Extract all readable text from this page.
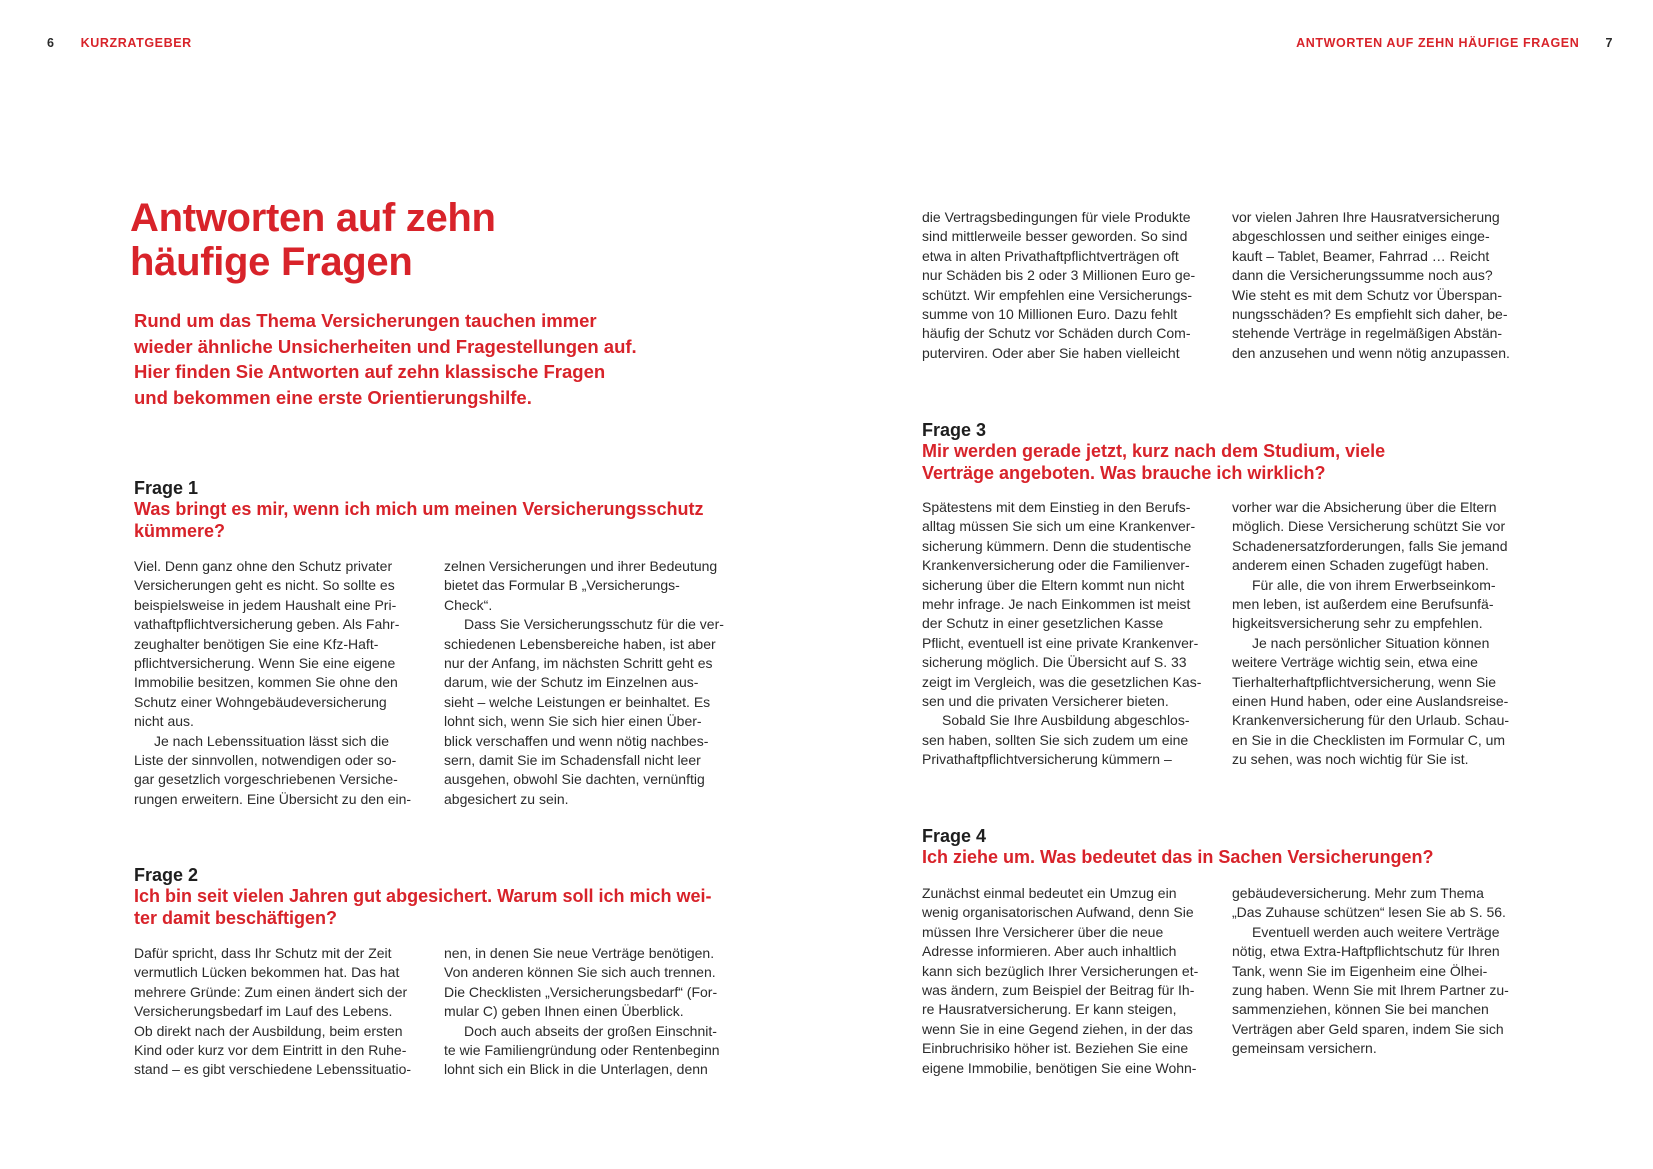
6 KURZRATGEBER	ANTWORTEN AUF ZEHN HÄUFIGE FRAGEN 7
Antworten auf zehn
häufige Fragen
Rund um das Thema Versicherungen tauchen immer
wieder ähnliche Unsicherheiten und Fragestellungen auf.
Hier finden Sie Antworten auf zehn klassische Fragen
und bekommen eine erste Orientierungshilfe.
Frage 1
Was bringt es mir, wenn ich mich um meinen Versicherungsschutz
kümmere?
Viel. Denn ganz ohne den Schutz privater
Versicherungen geht es nicht. So sollte es
beispielsweise in jedem Haushalt eine Pri-
vathaftpflichtversicherung geben. Als Fahr-
zeughalter benötigen Sie eine Kfz-Haft-
pflichtversicherung. Wenn Sie eine eigene
Immobilie besitzen, kommen Sie ohne den
Schutz einer Wohngebäudeversicherung
nicht aus.
Je nach Lebenssituation lässt sich die
Liste der sinnvollen, notwendigen oder so-
gar gesetzlich vorgeschriebenen Versiche-
rungen erweitern. Eine Übersicht zu den ein-
zelnen Versicherungen und ihrer Bedeutung
bietet das Formular B „Versicherungs-
Check“.
Dass Sie Versicherungsschutz für die ver-
schiedenen Lebensbereiche haben, ist aber
nur der Anfang, im nächsten Schritt geht es
darum, wie der Schutz im Einzelnen aus-
sieht – welche Leistungen er beinhaltet. Es
lohnt sich, wenn Sie sich hier einen Über-
blick verschaffen und wenn nötig nachbes-
sern, damit Sie im Schadensfall nicht leer
ausgehen, obwohl Sie dachten, vernünftig
abgesichert zu sein.
Frage 2
Ich bin seit vielen Jahren gut abgesichert. Warum soll ich mich wei-
ter damit beschäftigen?
Dafür spricht, dass Ihr Schutz mit der Zeit
vermutlich Lücken bekommen hat. Das hat
mehrere Gründe: Zum einen ändert sich der
Versicherungsbedarf im Lauf des Lebens.
Ob direkt nach der Ausbildung, beim ersten
Kind oder kurz vor dem Eintritt in den Ruhe-
stand – es gibt verschiedene Lebenssituatio-
nen, in denen Sie neue Verträge benötigen.
Von anderen können Sie sich auch trennen.
Die Checklisten „Versicherungsbedarf“ (For-
mular C) geben Ihnen einen Überblick.
Doch auch abseits der großen Einschnit-
te wie Familiengründung oder Rentenbeginn
lohnt sich ein Blick in die Unterlagen, denn
die Vertragsbedingungen für viele Produkte
sind mittlerweile besser geworden. So sind
etwa in alten Privathaftpflichtverträgen oft
nur Schäden bis 2 oder 3 Millionen Euro ge-
schützt. Wir empfehlen eine Versicherungs-
summe von 10 Millionen Euro. Dazu fehlt
häufig der Schutz vor Schäden durch Com-
puterviren. Oder aber Sie haben vielleicht
vor vielen Jahren Ihre Hausratversicherung
abgeschlossen und seither einiges einge-
kauft – Tablet, Beamer, Fahrrad … Reicht
dann die Versicherungssumme noch aus?
Wie steht es mit dem Schutz vor Überspan-
nungsschäden? Es empfiehlt sich daher, be-
stehende Verträge in regelmäßigen Abstän-
den anzusehen und wenn nötig anzupassen.
Frage 3
Mir werden gerade jetzt, kurz nach dem Studium, viele
Verträge angeboten. Was brauche ich wirklich?
Spätestens mit dem Einstieg in den Berufs-
alltag müssen Sie sich um eine Krankenver-
sicherung kümmern. Denn die studentische
Krankenversicherung oder die Familienver-
sicherung über die Eltern kommt nun nicht
mehr infrage. Je nach Einkommen ist meist
der Schutz in einer gesetzlichen Kasse
Pflicht, eventuell ist eine private Krankenver-
sicherung möglich. Die Übersicht auf S. 33
zeigt im Vergleich, was die gesetzlichen Kas-
sen und die privaten Versicherer bieten.
Sobald Sie Ihre Ausbildung abgeschlos-
sen haben, sollten Sie sich zudem um eine
Privathaftpflichtversicherung kümmern –
vorher war die Absicherung über die Eltern
möglich. Diese Versicherung schützt Sie vor
Schadenersatzforderungen, falls Sie jemand
anderem einen Schaden zugefügt haben.
Für alle, die von ihrem Erwerbseinkom-
men leben, ist außerdem eine Berufsunfä-
higkeitsversicherung sehr zu empfehlen.
Je nach persönlicher Situation können
weitere Verträge wichtig sein, etwa eine
Tierhalterhaftpflichtversicherung, wenn Sie
einen Hund haben, oder eine Auslandsreise-
Krankenversicherung für den Urlaub. Schau-
en Sie in die Checklisten im Formular C, um
zu sehen, was noch wichtig für Sie ist.
Frage 4
Ich ziehe um. Was bedeutet das in Sachen Versicherungen?
Zunächst einmal bedeutet ein Umzug ein
wenig organisatorischen Aufwand, denn Sie
müssen Ihre Versicherer über die neue
Adresse informieren. Aber auch inhaltlich
kann sich bezüglich Ihrer Versicherungen et-
was ändern, zum Beispiel der Beitrag für Ih-
re Hausratversicherung. Er kann steigen,
wenn Sie in eine Gegend ziehen, in der das
Einbruchrisiko höher ist. Beziehen Sie eine
eigene Immobilie, benötigen Sie eine Wohn-
gebäudeversicherung. Mehr zum Thema
„Das Zuhause schützen“ lesen Sie ab S. 56.
Eventuell werden auch weitere Verträge
nötig, etwa Extra-Haftpflichtschutz für Ihren
Tank, wenn Sie im Eigenheim eine Ölhei-
zung haben. Wenn Sie mit Ihrem Partner zu-
sammenziehen, können Sie bei manchen
Verträgen aber Geld sparen, indem Sie sich
gemeinsam versichern.
